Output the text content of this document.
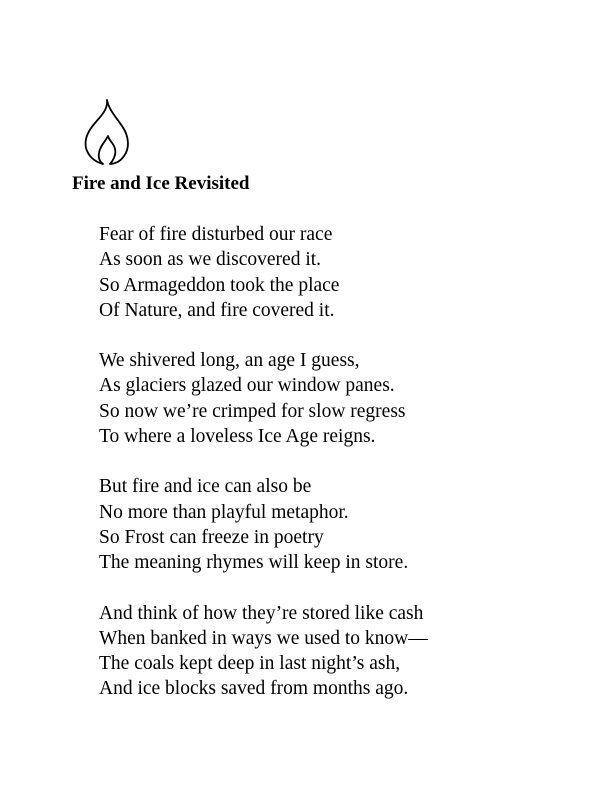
Fire and Ice Revisited
Fear of fire disturbed our race
As soon as we discovered it.
So Armageddon took the place
Of Nature, and fire covered it.
We shivered long, an age I guess,
As glaciers glazed our window panes.
So now we’re crimped for slow regress
To where a loveless Ice Age reigns.
But fire and ice can also be
No more than playful metaphor.
So Frost can freeze in poetry
The meaning rhymes will keep in store.
And think of how they’re stored like cash
When banked in ways we used to know—
The coals kept deep in last night’s ash,
And ice blocks saved from months ago.
